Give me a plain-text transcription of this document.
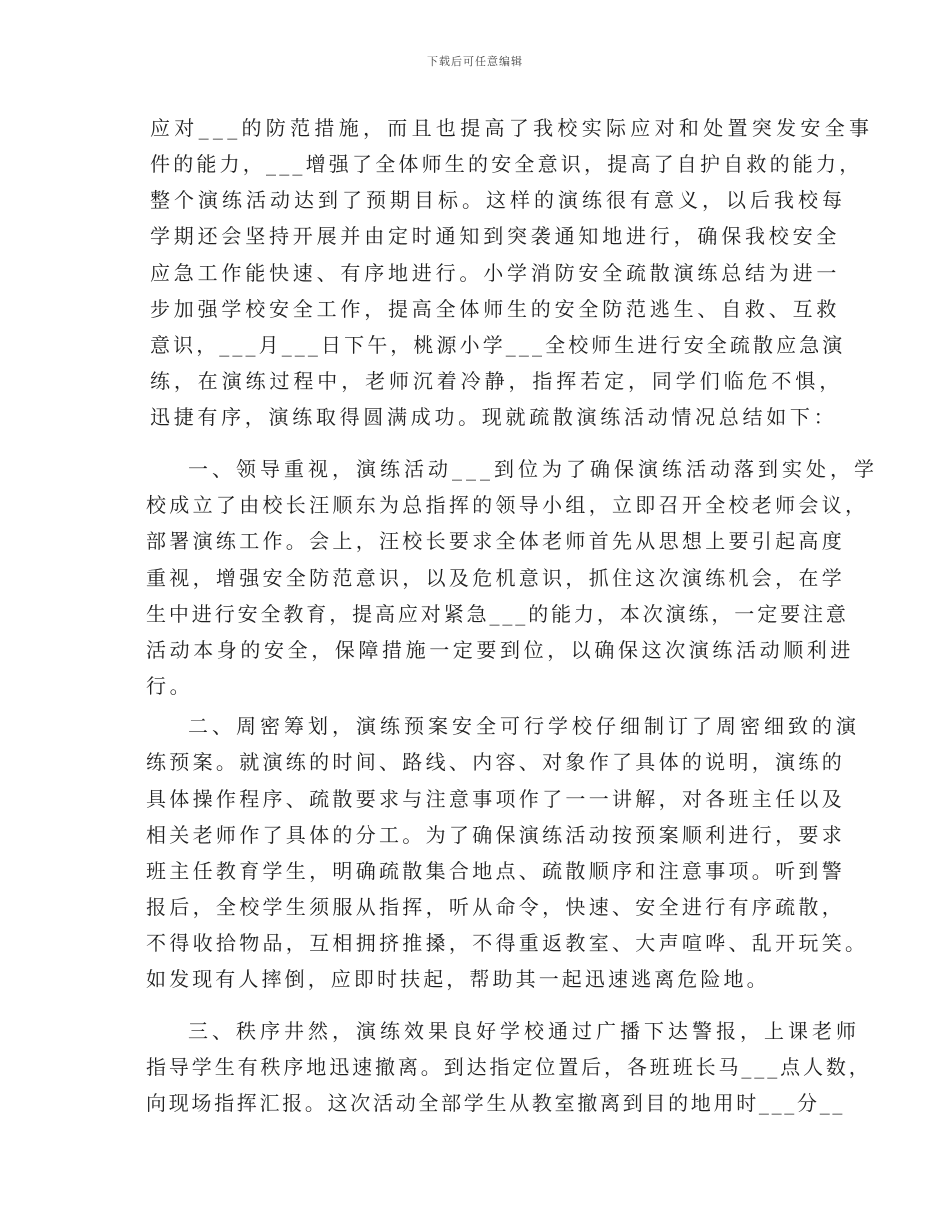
下载后可任意编辑
应对___的防范措施，而且也提高了我校实际应对和处置突发安全事
件的能力，___增强了全体师生的安全意识，提高了自护自救的能力，
整个演练活动达到了预期目标。这样的演练很有意义，以后我校每
学期还会坚持开展并由定时通知到突袭通知地进行，确保我校安全
应急工作能快速、有序地进行。小学消防安全疏散演练总结为进一
步加强学校安全工作，提高全体师生的安全防范逃生、自救、互救
意识，___月___日下午，桃源小学___全校师生进行安全疏散应急演
练，在演练过程中，老师沉着冷静，指挥若定，同学们临危不惧，
迅捷有序，演练取得圆满成功。现就疏散演练活动情况总结如下：
一、领导重视，演练活动___到位为了确保演练活动落到实处，学
校成立了由校长汪顺东为总指挥的领导小组，立即召开全校老师会议，
部署演练工作。会上，汪校长要求全体老师首先从思想上要引起高度
重视，增强安全防范意识，以及危机意识，抓住这次演练机会，在学
生中进行安全教育，提高应对紧急___的能力，本次演练，一定要注意
活动本身的安全，保障措施一定要到位，以确保这次演练活动顺利进
行。
二、周密筹划，演练预案安全可行学校仔细制订了周密细致的演
练预案。就演练的时间、路线、内容、对象作了具体的说明，演练的
具体操作程序、疏散要求与注意事项作了一一讲解，对各班主任以及
相关老师作了具体的分工。为了确保演练活动按预案顺利进行，要求
班主任教育学生，明确疏散集合地点、疏散顺序和注意事项。听到警
报后，全校学生须服从指挥，听从命令，快速、安全进行有序疏散，
不得收拾物品，互相拥挤推搡，不得重返教室、大声喧哗、乱开玩笑。
如发现有人摔倒，应即时扶起，帮助其一起迅速逃离危险地。
三、秩序井然，演练效果良好学校通过广播下达警报，上课老师
指导学生有秩序地迅速撤离。到达指定位置后，各班班长马___点人数，
向现场指挥汇报。这次活动全部学生从教室撤离到目的地用时___分__
